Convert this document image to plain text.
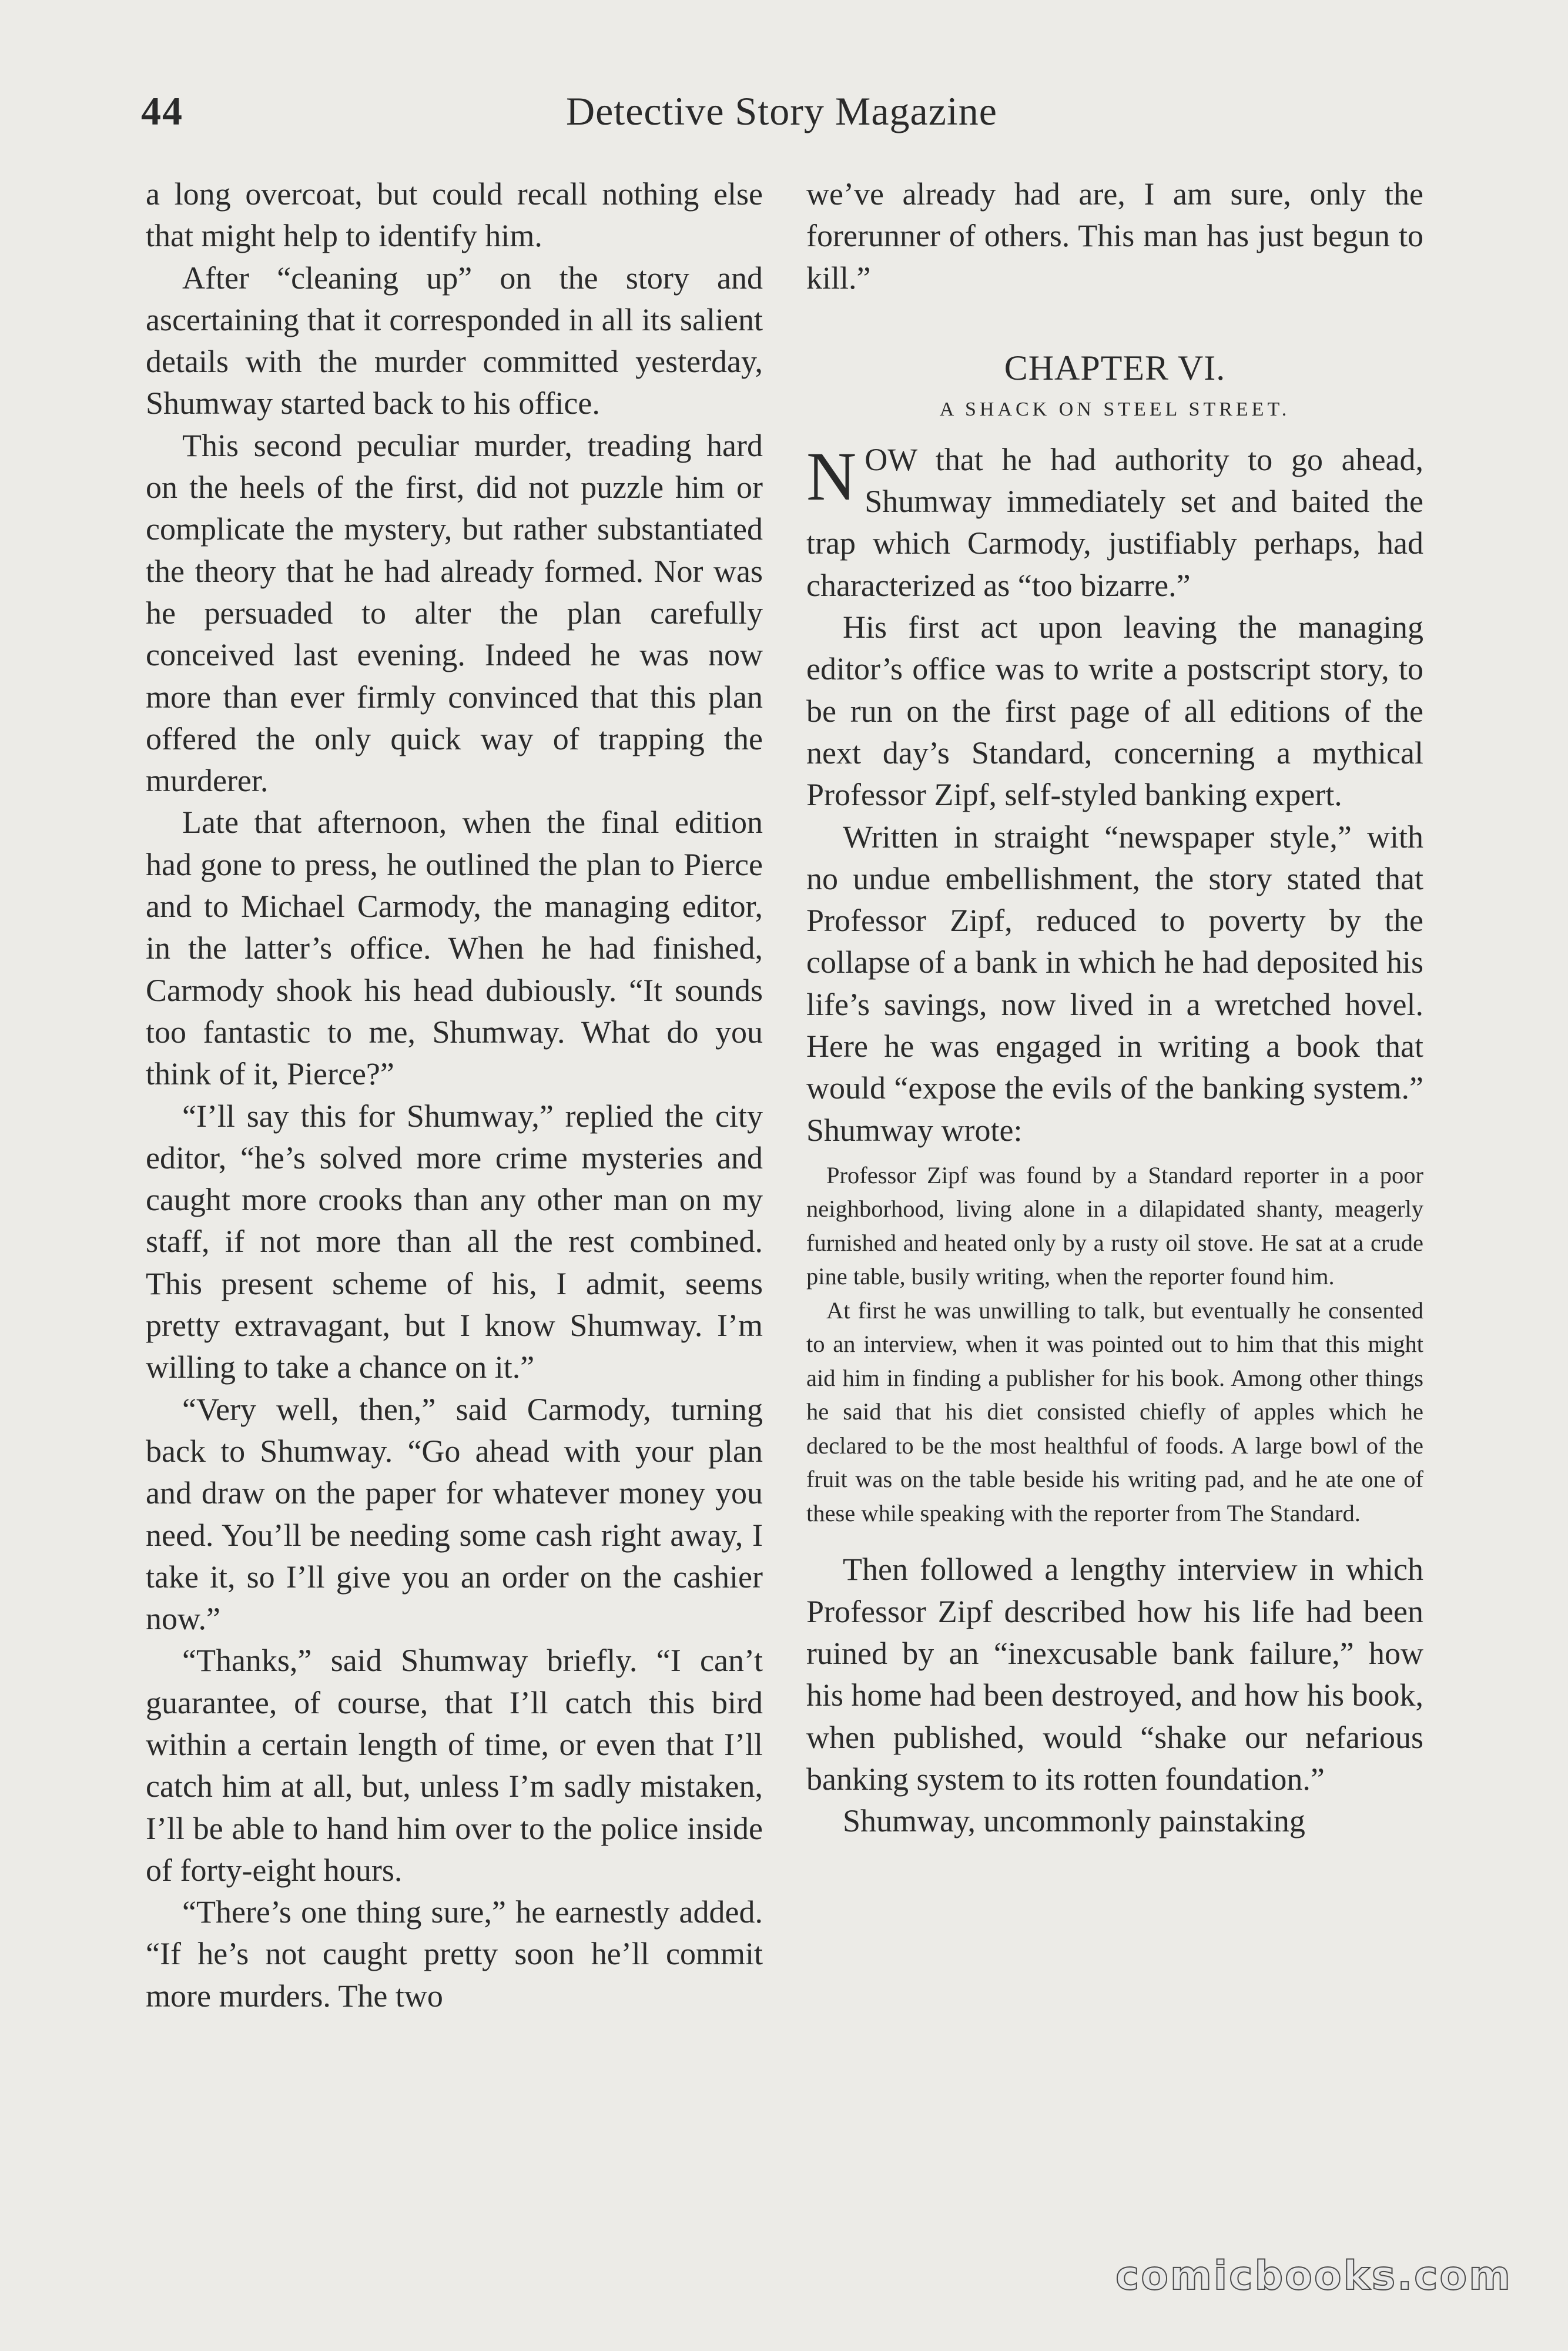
44	Detective Story Magazine

a long overcoat, but could recall nothing else that might help to identify him.

After “cleaning up” on the story and ascertaining that it corresponded in all its salient details with the murder committed yesterday, Shumway started back to his office.

This second peculiar murder, treading hard on the heels of the first, did not puzzle him or complicate the mystery, but rather substantiated the theory that he had already formed. Nor was he persuaded to alter the plan carefully conceived last evening. Indeed he was now more than ever firmly convinced that this plan offered the only quick way of trapping the murderer.

Late that afternoon, when the final edition had gone to press, he outlined the plan to Pierce and to Michael Carmody, the managing editor, in the latter’s office. When he had finished, Carmody shook his head dubiously. “It sounds too fantastic to me, Shumway. What do you think of it, Pierce?”

“I’ll say this for Shumway,” replied the city editor, “he’s solved more crime mysteries and caught more crooks than any other man on my staff, if not more than all the rest combined. This present scheme of his, I admit, seems pretty extravagant, but I know Shumway. I’m willing to take a chance on it.”

“Very well, then,” said Carmody, turning back to Shumway. “Go ahead with your plan and draw on the paper for whatever money you need. You’ll be needing some cash right away, I take it, so I’ll give you an order on the cashier now.”

“Thanks,” said Shumway briefly. “I can’t guarantee, of course, that I’ll catch this bird within a certain length of time, or even that I’ll catch him at all, but, unless I’m sadly mistaken, I’ll be able to hand him over to the police inside of forty-eight hours.

“There’s one thing sure,” he earnestly added. “If he’s not caught pretty soon he’ll commit more murders. The two

we’ve already had are, I am sure, only the forerunner of others. This man has just begun to kill.”

CHAPTER VI.
A SHACK ON STEEL STREET.

NOW that he had authority to go ahead, Shumway immediately set and baited the trap which Carmody, justifiably perhaps, had characterized as “too bizarre.”

His first act upon leaving the managing editor’s office was to write a postscript story, to be run on the first page of all editions of the next day’s Standard, concerning a mythical Professor Zipf, self-styled banking expert.

Written in straight “newspaper style,” with no undue embellishment, the story stated that Professor Zipf, reduced to poverty by the collapse of a bank in which he had deposited his life’s savings, now lived in a wretched hovel. Here he was engaged in writing a book that would “expose the evils of the banking system.” Shumway wrote:

Professor Zipf was found by a Standard reporter in a poor neighborhood, living alone in a dilapidated shanty, meagerly furnished and heated only by a rusty oil stove. He sat at a crude pine table, busily writing, when the reporter found him.

At first he was unwilling to talk, but eventually he consented to an interview, when it was pointed out to him that this might aid him in finding a publisher for his book. Among other things he said that his diet consisted chiefly of apples which he declared to be the most healthful of foods. A large bowl of the fruit was on the table beside his writing pad, and he ate one of these while speaking with the reporter from The Standard.

Then followed a lengthy interview in which Professor Zipf described how his life had been ruined by an “inexcusable bank failure,” how his home had been destroyed, and how his book, when published, would “shake our nefarious banking system to its rotten foundation.”

Shumway, uncommonly painstaking

comicbooks.com
